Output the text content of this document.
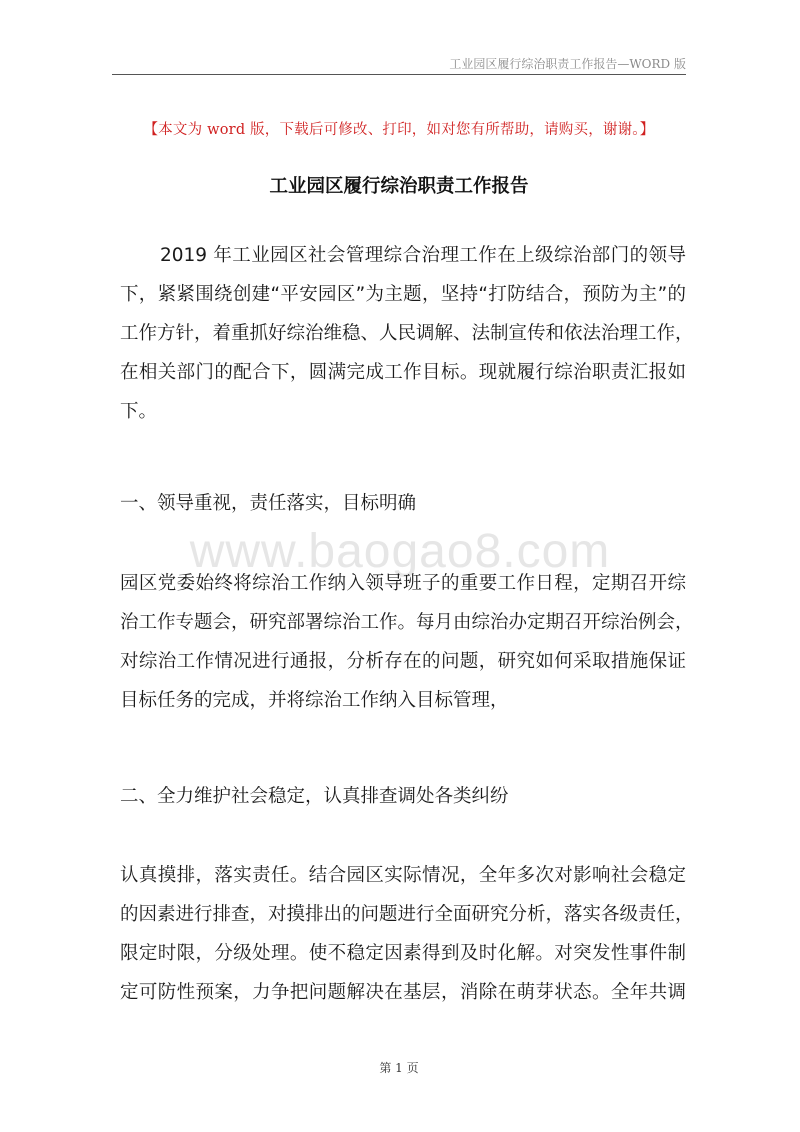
工业园区履行综治职责工作报告—WORD 版
【本文为 word 版，下载后可修改、打印，如对您有所帮助，请购买，谢谢。】
工业园区履行综治职责工作报告
2019 年工业园区社会管理综合治理工作在上级综治部门的领导
下，紧紧围绕创建“平安园区”为主题，坚持“打防结合，预防为主”的
工作方针，着重抓好综治维稳、人民调解、法制宣传和依法治理工作，
在相关部门的配合下，圆满完成工作目标。现就履行综治职责汇报如
下。
一、领导重视，责任落实，目标明确
www.baogao8.com
园区党委始终将综治工作纳入领导班子的重要工作日程，定期召开综
治工作专题会，研究部署综治工作。每月由综治办定期召开综治例会，
对综治工作情况进行通报，分析存在的问题，研究如何采取措施保证
目标任务的完成，并将综治工作纳入目标管理，
二、全力维护社会稳定，认真排查调处各类纠纷
认真摸排，落实责任。结合园区实际情况，全年多次对影响社会稳定
的因素进行排查，对摸排出的问题进行全面研究分析，落实各级责任，
限定时限，分级处理。使不稳定因素得到及时化解。对突发性事件制
定可防性预案，力争把问题解决在基层，消除在萌芽状态。全年共调
第 1 页
